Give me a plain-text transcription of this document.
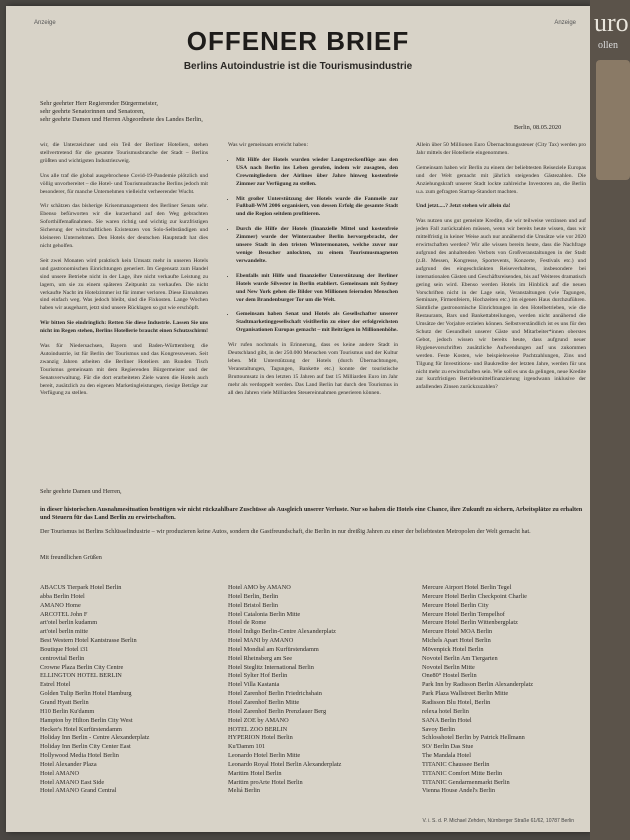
Anzeige	Anzeige
OFFENER BRIEF
Berlins Autoindustrie ist die Tourismusindustrie
Sehr geehrter Herr Regierender Bürgermeister,
sehr geehrte Senatorinnen und Senatoren,
sehr geehrte Damen und Herren Abgeordnete des Landes Berlin,
Berlin, 08.05.2020

wir, die Unterzeichner und ein Teil der Berliner Hoteliers, stehen stellvertretend für die gesamte Tourismusbranche der Stadt – Berlins größten und wichtigsten Industriezweig.

Uns alle traf die global ausgebrochene Covid-19-Pandemie plötzlich und völlig unvorbereitet – die Hotel- und Tourismusbranche Berlins jedoch mit besonderer, für manche Unternehmen vielleicht verheerender Wucht.

Wir schätzen das bisherige Krisenmanagement des Berliner Senats sehr. Ebenso befürworten wir die kurzerhand auf den Weg gebrachten Soforthilfemaßnahmen. Sie waren richtig und wichtig zur kurzfristigen Sicherung der wirtschaftlichen Existenzen von Solo-Selbständigen und kleineren Unternehmen. Den Hotels der deutschen Hauptstadt hat dies nicht geholfen.

Seit zwei Monaten wird praktisch kein Umsatz mehr in unseren Hotels und gastronomischen Einrichtungen generiert. Im Gegensatz zum Handel sind unsere Betriebe nicht in der Lage, ihre nicht verkaufte Leistung zu lagern, um sie zu einem späteren Zeitpunkt zu verkaufen. Die nicht verkaufte Nacht im Hotelzimmer ist für immer verloren. Diese Einnahmen sind einfach weg. Was jedoch bleibt, sind die Fixkosten. Lange Wochen haben wir ausgeharrt, jetzt sind unsere Rücklagen so gut wie erschöpft.

Wir bitten Sie eindringlich: Retten Sie diese Industrie. Lassen Sie uns nicht im Regen stehen, Berlins Hotellerie braucht einen Schutzschirm!

Was für Niedersachsen, Bayern und Baden-Württemberg die Autoindustrie, ist für Berlin der Tourismus und das Kongresswesen. Seit zwanzig Jahren arbeiten die Berliner Hoteliers am Runden Tisch Tourismus gemeinsam mit dem Regierenden Bürgermeister und der Senatsverwaltung. Für die dort erarbeiteten Ziele waren die Hotels auch bereit, zusätzlich zu den eigenen Marketingleistungen, riesige Beträge zur Verfügung zu stellen.

Was wir gemeinsam erreicht haben:

• Mit Hilfe der Hotels wurden wieder Langstreckenflüge aus den USA nach Berlin ins Leben gerufen, indem wir zusagten, den Crewmitgliedern der Airlines über Jahre hinweg kostenfreie Zimmer zur Verfügung zu stellen.
• Mit großer Unterstützung der Hotels wurde die Fanmeile zur Fußball-WM 2006 organisiert, von dessen Erfolg die gesamte Stadt und die Region seitdem profitieren.
• Durch die Hilfe der Hotels (finanzielle Mittel und kostenfreie Zimmer) wurde der Winterzauber Berlin hervorgebracht, der unsere Stadt in den tristen Wintermonaten, welche zuvor nur wenige Besucher anlockten, zu einem Tourismusmagneten verwandelte.
• Ebenfalls mit Hilfe und finanzieller Unterstützung der Berliner Hotels wurde Silvester in Berlin etabliert. Gemeinsam mit Sydney und New York gehen die Bilder von Millionen feiernden Menschen vor dem Brandenburger Tor um die Welt.
• Gemeinsam haben Senat und Hotels als Gesellschafter unserer Stadtmarketinggesellschaft visitBerlin zu einer der erfolgreichsten Organisationen Europas gemacht – mit Beiträgen in Millionenhöhe.

Wir rufen nochmals in Erinnerung, dass es keine andere Stadt in Deutschland gibt, in der 250.000 Menschen vom Tourismus und der Kultur leben. Mit Unterstützung der Hotels (durch Übernachtungen, Veranstaltungen, Tagungen, Bankette etc.) konnte der touristische Bruttoumsatz in den letzten 15 Jahren auf fast 15 Milliarden Euro im Jahr mehr als verdoppelt werden. Das Land Berlin hat durch den Tourismus in all den Jahren viele Milliarden Steuereinnahmen generieren können.

Allein über 50 Millionen Euro Übernachtungssteuer (City Tax) werden pro Jahr mittels der Hotellerie eingenommen.

Gemeinsam haben wir Berlin zu einem der beliebtesten Reiseziele Europas und der Welt gemacht mit jährlich steigenden Gästezahlen. Die Anziehungskraft unserer Stadt lockte zahlreiche Investoren an, die Berlin u.a. zum gefragten Startup-Standort machten.

Und jetzt.....? Jetzt stehen wir allein da!

Was nutzen uns gut gemeinte Kredite, die wir teilweise verzinsen und auf jeden Fall zurückzahlen müssen, wenn wir bereits heute wissen, dass wir mittelfristig in keiner Weise auch nur annähernd die Umsätze wie vor 2020 erwirtschaften werden? Wir alle wissen bereits heute, dass die Nachfrage aufgrund des anhaltenden Verbots von Großveranstaltungen in der Stadt (z.B. Messen, Kongresse, Sportevents, Konzerte, Festivals etc.) und aufgrund des eingeschränkten Reiseverhaltens, insbesondere bei internationalen Gästen und Geschäftsreisenden, bis auf Weiteres dramatisch gering sein wird. Ebenso werden Hotels im Hinblick auf die neuen Vorschriften nicht in der Lage sein, Veranstaltungen (wie Tagungen, Seminare, Firmenfeiern, Hochzeiten etc.) im eigenen Haus durchzuführen. Sämtliche gastronomische Einrichtungen in den Hotelbetrieben, wie die Restaurants, Bars und Bankettabteilungen, werden nicht annähernd die Umsätze der Vorjahre erzielen können. Selbstverständlich ist es uns für den Schutz der Gesundheit unserer Gäste und Mitarbeiter*innen oberstes Gebot, jedoch wissen wir bereits heute, dass aufgrund neuer Hygienevorschriften zusätzliche Aufwendungen auf uns zukommen werden. Feste Kosten, wie beispielsweise Pachtzahlungen, Zins und Tilgung für Investitions- und Baukredite der letzten Jahre, werden für uns nicht mehr zu erwirtschaften sein. Wie soll es uns da gelingen, neue Kredite zur kurzfristigen Betriebsmittelfinanzierung irgendwann inklusive der anfallenden Zinsen zurückzuzahlen?

Sehr geehrte Damen und Herren,
in dieser historischen Ausnahmesituation benötigen wir nicht rückzahlbare Zuschüsse als Ausgleich unserer Verluste. Nur so haben die Hotels eine Chance, ihre Zukunft zu sichern, Arbeitsplätze zu erhalten und Steuern für das Land Berlin zu erwirtschaften.
Der Tourismus ist Berlins Schlüsselindustrie – wir produzieren keine Autos, sondern die Gastfreundschaft, die Berlin in nur dreißig Jahren zu einer der beliebtesten Metropolen der Welt gemacht hat.
Mit freundlichen Grüßen
ABACUS Tierpark Hotel Berlin
abba Berlin Hotel
AMANO Home
ARCOTEL John F
art'otel berlin kudamm
art'otel berlin mitte
Best Western Hotel Kantstrasse Berlin
Boutique Hotel i31
centrovital Berlin
Crowne Plaza Berlin City Centre
ELLINGTON HOTEL BERLIN
Estrel Hotel
Golden Tulip Berlin Hotel Hamburg
Grand Hyatt Berlin
H10 Berlin Ku'damm
Hampton by Hilton Berlin City West
Hecker's Hotel Kurfürstendamm
Holiday Inn Berlin - Centre Alexanderplatz
Holiday Inn Berlin City Center East
Hollywood Media Hotel Berlin
Hotel Alexander Plaza
Hotel AMANO
Hotel AMANO East Side
Hotel AMANO Grand Central
Hotel AMO by AMANO
Hotel Berlin, Berlin
Hotel Bristol Berlin
Hotel Catalonia Berlin Mitte
Hotel de Rome
Hotel Indigo Berlin-Centre Alexanderplatz
Hotel MANI by AMANO
Hotel Mondial am Kurfürstendamm
Hotel Rheinsberg am See
Hotel Steglitz International Berlin
Hotel Sylter Hof Berlin
Hotel Villa Kastania
Hotel Zarenhof Berlin Friedrichshain
Hotel Zarenhof Berlin Mitte
Hotel Zarenhof Berlin Prenzlauer Berg
Hotel ZOE by AMANO
HOTEL ZOO BERLIN
HYPERION Hotel Berlin
Ku'Damm 101
Leonardo Hotel Berlin Mitte
Leonardo Royal Hotel Berlin Alexanderplatz
Maritim Hotel Berlin
Maritim proArte Hotel Berlin
Meliá Berlin
Mercure Airport Hotel Berlin Tegel
Mercure Hotel Berlin Checkpoint Charlie
Mercure Hotel Berlin City
Mercure Hotel Berlin Tempelhof
Mercure Hotel Berlin Wittenbergplatz
Mercure Hotel MOA Berlin
Michels Apart Hotel Berlin
Mövenpick Hotel Berlin
Novotel Berlin Am Tiergarten
Novotel Berlin Mitte
One80° Hostel Berlin
Park Inn by Radisson Berlin Alexanderplatz
Park Plaza Wallstreet Berlin Mitte
Radisson Blu Hotel, Berlin
relexa hotel Berlin
SANA Berlin Hotel
Savoy Berlin
Schlosshotel Berlin by Patrick Hellmann
SO/ Berlin Das Stue
The Mandala Hotel
TITANIC Chaussee Berlin
TITANIC Comfort Mitte Berlin
TITANIC Gendarmenmarkt Berlin
Vienna House Andel's Berlin
V. i. S. d. P. Michael Zehden, Nürnberger Straße 61/62, 10787 Berlin
uro
ollen
